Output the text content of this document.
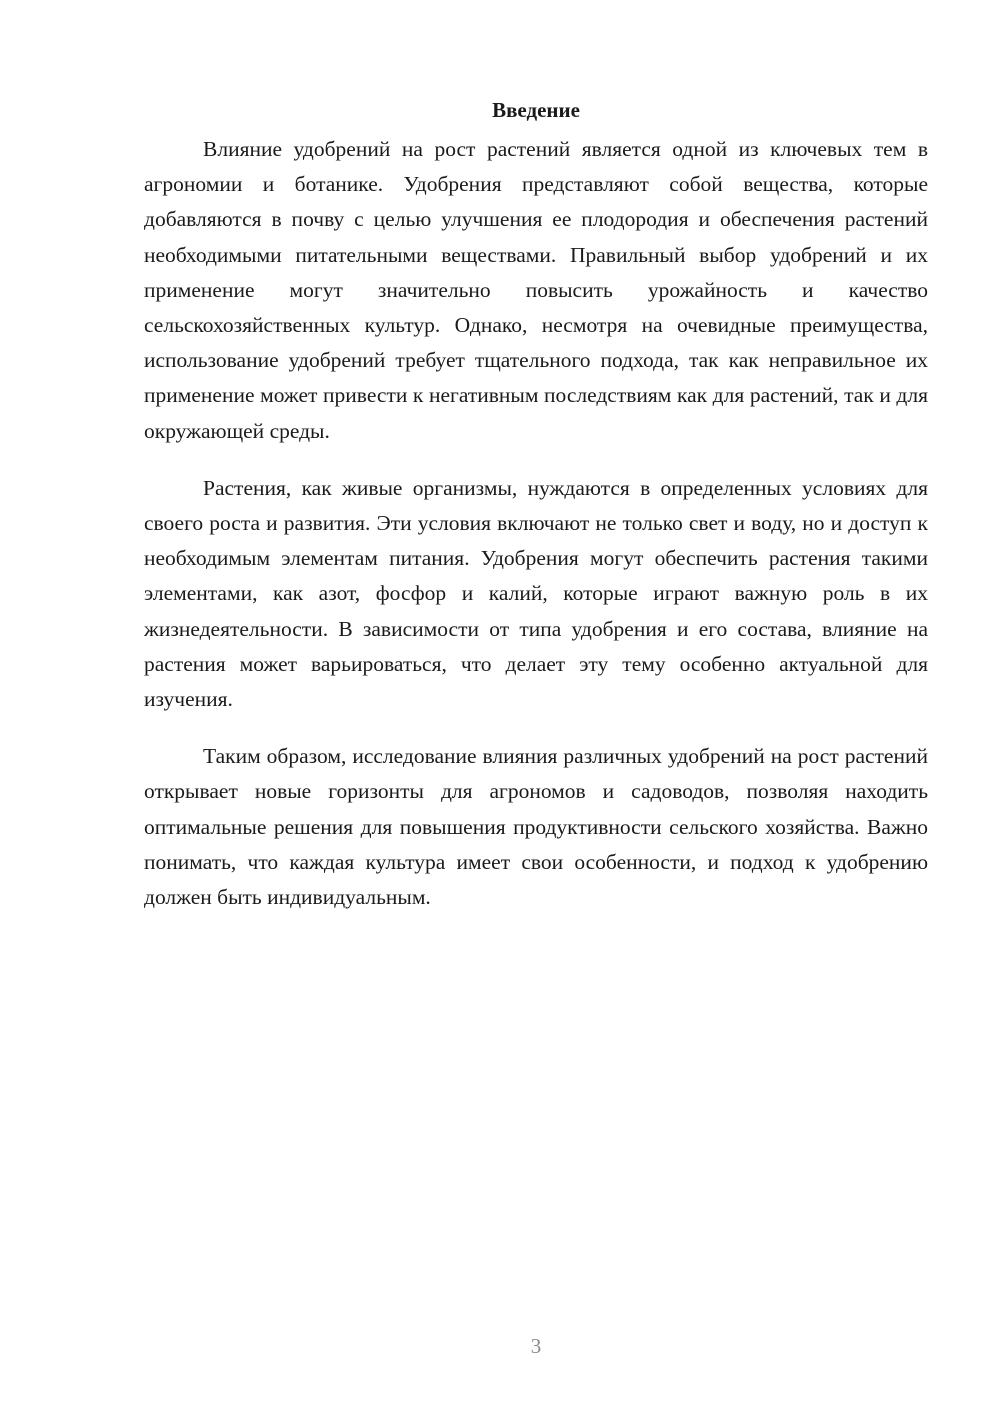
Введение

Влияние удобрений на рост растений является одной из ключевых тем в агрономии и ботанике. Удобрения представляют собой вещества, которые добавляются в почву с целью улучшения ее плодородия и обеспечения растений необходимыми питательными веществами. Правильный выбор удобрений и их применение могут значительно повысить урожайность и качество сельскохозяйственных культур. Однако, несмотря на очевидные преимущества, использование удобрений требует тщательного подхода, так как неправильное их применение может привести к негативным последствиям как для растений, так и для окружающей среды.

Растения, как живые организмы, нуждаются в определенных условиях для своего роста и развития. Эти условия включают не только свет и воду, но и доступ к необходимым элементам питания. Удобрения могут обеспечить растения такими элементами, как азот, фосфор и калий, которые играют важную роль в их жизнедеятельности. В зависимости от типа удобрения и его состава, влияние на растения может варьироваться, что делает эту тему особенно актуальной для изучения.

Таким образом, исследование влияния различных удобрений на рост растений открывает новые горизонты для агрономов и садоводов, позволяя находить оптимальные решения для повышения продуктивности сельского хозяйства. Важно понимать, что каждая культура имеет свои особенности, и подход к удобрению должен быть индивидуальным.

3
